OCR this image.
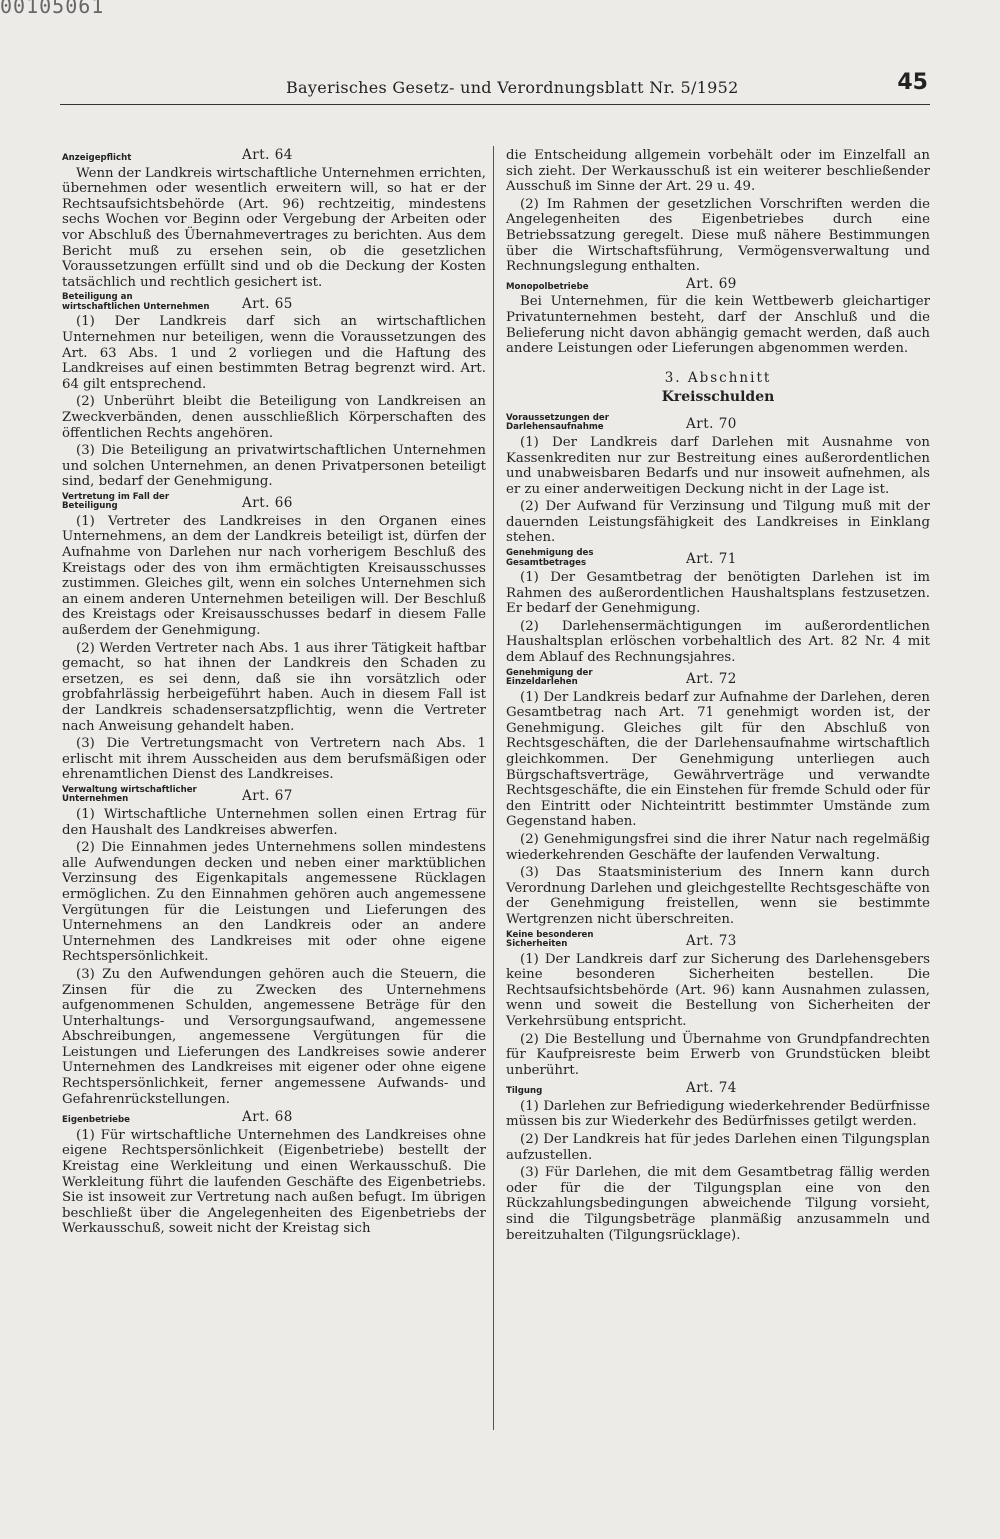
00105061
Bayerisches Gesetz- und Verordnungsblatt Nr. 5/1952	45
Anzeigepflicht	Art. 64

Wenn der Landkreis wirtschaftliche Unternehmen errichten, übernehmen oder wesentlich erweitern will, so hat er der Rechtsaufsichtsbehörde (Art. 96) rechtzeitig, mindestens sechs Wochen vor Beginn oder Vergebung der Arbeiten oder vor Abschluß des Übernahmevertrages zu berichten. Aus dem Bericht muß zu ersehen sein, ob die gesetzlichen Voraussetzungen erfüllt sind und ob die Deckung der Kosten tatsächlich und rechtlich gesichert ist.

Beteiligung an wirtschaftlichen Unternehmen Art. 65

(1) Der Landkreis darf sich an wirtschaftlichen Unternehmen nur beteiligen, wenn die Voraussetzungen des Art. 63 Abs. 1 und 2 vorliegen und die Haftung des Landkreises auf einen bestimmten Betrag begrenzt wird. Art. 64 gilt entsprechend.

(2) Unberührt bleibt die Beteiligung von Landkreisen an Zweckverbänden, denen ausschließlich Körperschaften des öffentlichen Rechts angehören.

(3) Die Beteiligung an privatwirtschaftlichen Unternehmen und solchen Unternehmen, an denen Privatpersonen beteiligt sind, bedarf der Genehmigung.

Vertretung im Fall der Beteiligung	Art. 66

(1) Vertreter des Landkreises in den Organen eines Unternehmens, an dem der Landkreis beteiligt ist, dürfen der Aufnahme von Darlehen nur nach vorherigem Beschluß des Kreistags oder des von ihm ermächtigten Kreisausschusses zustimmen. Gleiches gilt, wenn ein solches Unternehmen sich an einem anderen Unternehmen beteiligen will. Der Beschluß des Kreistags oder Kreisausschusses bedarf in diesem Falle außerdem der Genehmigung.

(2) Werden Vertreter nach Abs. 1 aus ihrer Tätigkeit haftbar gemacht, so hat ihnen der Landkreis den Schaden zu ersetzen, es sei denn, daß sie ihn vorsätzlich oder grobfahrlässig herbeigeführt haben. Auch in diesem Fall ist der Landkreis schadensersatzpflichtig, wenn die Vertreter nach Anweisung gehandelt haben.

(3) Die Vertretungsmacht von Vertretern nach Abs. 1 erlischt mit ihrem Ausscheiden aus dem berufsmäßigen oder ehrenamtlichen Dienst des Landkreises.

Verwaltung wirtschaftlicher Unternehmen	Art. 67

(1) Wirtschaftliche Unternehmen sollen einen Ertrag für den Haushalt des Landkreises abwerfen.

(2) Die Einnahmen jedes Unternehmens sollen mindestens alle Aufwendungen decken und neben einer marktüblichen Verzinsung des Eigenkapitals angemessene Rücklagen ermöglichen. Zu den Einnahmen gehören auch angemessene Vergütungen für die Leistungen und Lieferungen des Unternehmens an den Landkreis oder an andere Unternehmen des Landkreises mit oder ohne eigene Rechtspersönlichkeit.

(3) Zu den Aufwendungen gehören auch die Steuern, die Zinsen für die zu Zwecken des Unternehmens aufgenommenen Schulden, angemessene Beträge für den Unterhaltungs- und Versorgungsaufwand, angemessene Abschreibungen, angemessene Vergütungen für die Leistungen und Lieferungen des Landkreises sowie anderer Unternehmen des Landkreises mit eigener oder ohne eigene Rechtspersönlichkeit, ferner angemessene Aufwands- und Gefahrenrückstellungen.

Eigenbetriebe	Art. 68

(1) Für wirtschaftliche Unternehmen des Landkreises ohne eigene Rechtspersönlichkeit (Eigenbetriebe) bestellt der Kreistag eine Werkleitung und einen Werkausschuß. Die Werkleitung führt die laufenden Geschäfte des Eigenbetriebs. Sie ist insoweit zur Vertretung nach außen befugt. Im übrigen beschließt über die Angelegenheiten des Eigenbetriebs der Werkausschuß, soweit nicht der Kreistag sich

die Entscheidung allgemein vorbehält oder im Einzelfall an sich zieht. Der Werkausschuß ist ein weiterer beschließender Ausschuß im Sinne der Art. 29 u. 49.

(2) Im Rahmen der gesetzlichen Vorschriften werden die Angelegenheiten des Eigenbetriebes durch eine Betriebssatzung geregelt. Diese muß nähere Bestimmungen über die Wirtschaftsführung, Vermögensverwaltung und Rechnungslegung enthalten.

Monopolbetriebe	Art. 69

Bei Unternehmen, für die kein Wettbewerb gleichartiger Privatunternehmen besteht, darf der Anschluß und die Belieferung nicht davon abhängig gemacht werden, daß auch andere Leistungen oder Lieferungen abgenommen werden.

3. Abschnitt
Kreisschulden
Voraussetzungen der Darlehensaufnahme	Art. 70

(1) Der Landkreis darf Darlehen mit Ausnahme von Kassenkrediten nur zur Bestreitung eines außerordentlichen und unabweisbaren Bedarfs und nur insoweit aufnehmen, als er zu einer anderweitigen Deckung nicht in der Lage ist.

(2) Der Aufwand für Verzinsung und Tilgung muß mit der dauernden Leistungsfähigkeit des Landkreises in Einklang stehen.

Genehmigung des Gesamtbetrages	Art. 71

(1) Der Gesamtbetrag der benötigten Darlehen ist im Rahmen des außerordentlichen Haushaltsplans festzusetzen. Er bedarf der Genehmigung.

(2) Darlehensermächtigungen im außerordentlichen Haushaltsplan erlöschen vorbehaltlich des Art. 82 Nr. 4 mit dem Ablauf des Rechnungsjahres.

Genehmigung der Einzeldarlehen	Art. 72

(1) Der Landkreis bedarf zur Aufnahme der Darlehen, deren Gesamtbetrag nach Art. 71 genehmigt worden ist, der Genehmigung. Gleiches gilt für den Abschluß von Rechtsgeschäften, die der Darlehensaufnahme wirtschaftlich gleichkommen. Der Genehmigung unterliegen auch Bürgschaftsverträge, Gewährverträge und verwandte Rechtsgeschäfte, die ein Einstehen für fremde Schuld oder für den Eintritt oder Nichteintritt bestimmter Umstände zum Gegenstand haben.

(2) Genehmigungsfrei sind die ihrer Natur nach regelmäßig wiederkehrenden Geschäfte der laufenden Verwaltung.

(3) Das Staatsministerium des Innern kann durch Verordnung Darlehen und gleichgestellte Rechtsgeschäfte von der Genehmigung freistellen, wenn sie bestimmte Wertgrenzen nicht überschreiten.

Keine besonderen Sicherheiten	Art. 73

(1) Der Landkreis darf zur Sicherung des Darlehensgebers keine besonderen Sicherheiten bestellen. Die Rechtsaufsichtsbehörde (Art. 96) kann Ausnahmen zulassen, wenn und soweit die Bestellung von Sicherheiten der Verkehrsübung entspricht.

(2) Die Bestellung und Übernahme von Grundpfandrechten für Kaufpreisreste beim Erwerb von Grundstücken bleibt unberührt.

Tilgung	Art. 74

(1) Darlehen zur Befriedigung wiederkehrender Bedürfnisse müssen bis zur Wiederkehr des Bedürfnisses getilgt werden.

(2) Der Landkreis hat für jedes Darlehen einen Tilgungsplan aufzustellen.

(3) Für Darlehen, die mit dem Gesamtbetrag fällig werden oder für die der Tilgungsplan eine von den Rückzahlungsbedingungen abweichende Tilgung vorsieht, sind die Tilgungsbeträge planmäßig anzusammeln und bereitzuhalten (Tilgungsrücklage).
